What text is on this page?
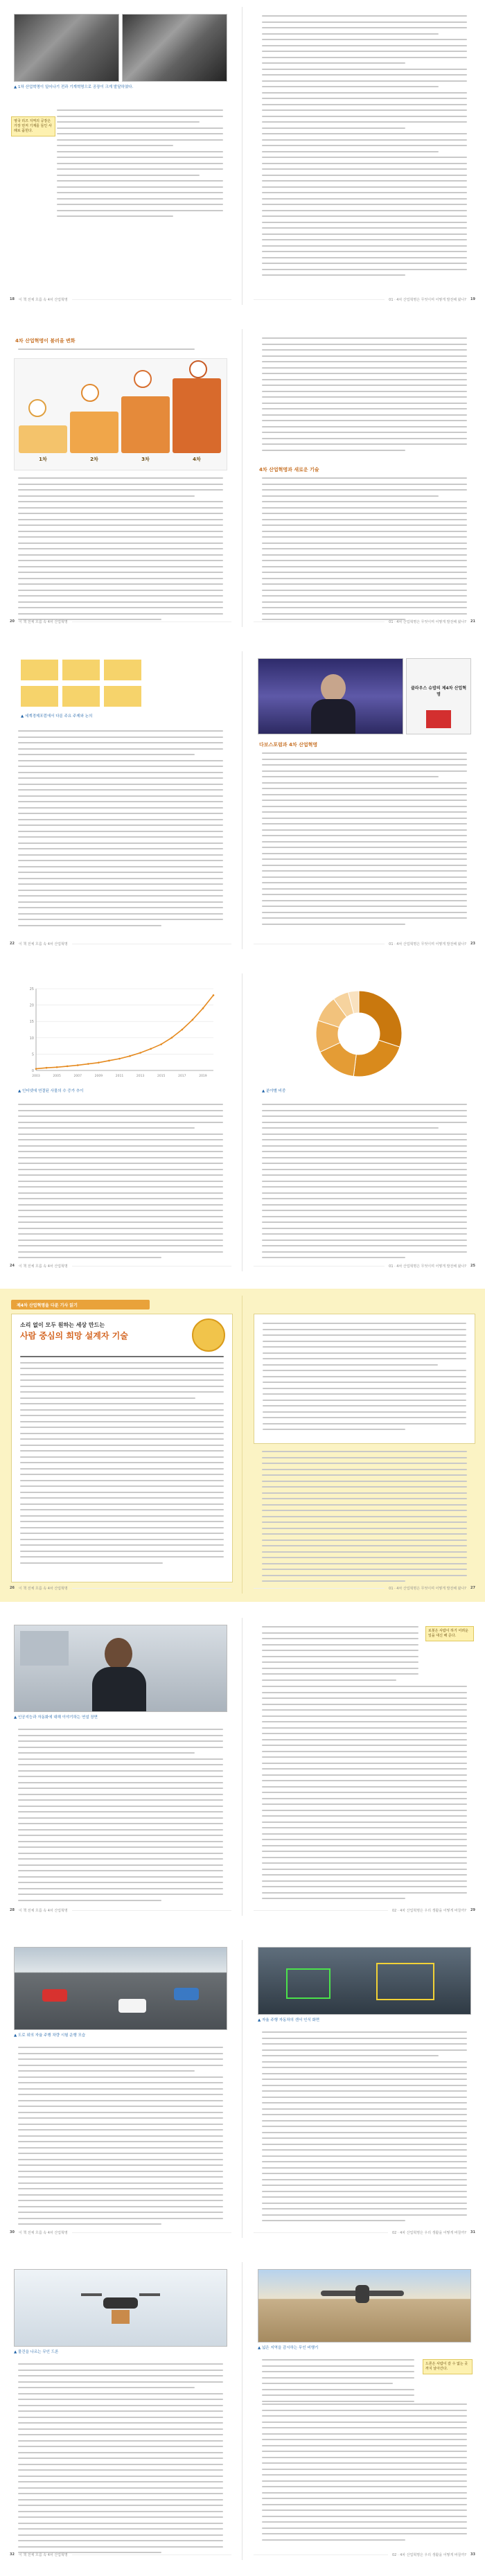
▲ 1차 산업혁명이 일어나기 전과 기계혁명으로 공장이 크게 발달하였다.
영국 리즈 지역의 공장은 가장 먼저 기계를 들인 사례로 꼽힌다.
18 이 책 전체 흐름 속 4차 산업혁명	01 · 4차 산업혁명은 무엇이며 어떻게 발전해 왔나? 19
4차 산업혁명이 불러올 변화
1차	2차	3차	4차
20 이 책 전체 흐름 속 4차 산업혁명
4차 산업혁명과 새로운 기술
01 · 4차 산업혁명은 무엇이며 어떻게 발전해 왔나? 21
▲ 세계경제포럼에서 다룬 주요 주제와 논의
22 이 책 전체 흐름 속 4차 산업혁명
클라우스 슈밥의 제4차 산업혁명
다보스포럼과 4차 산업혁명
01 · 4차 산업혁명은 무엇이며 어떻게 발전해 왔나? 23
0
5
10
15
20
25
2003	2005	2007	2009	2011	2013	2015	2017	2019
▲ 인터넷에 연결된 사물의 수 증가 추이
24 이 책 전체 흐름 속 4차 산업혁명
▲ 분야별 비중
01 · 4차 산업혁명은 무엇이며 어떻게 발전해 왔나? 25
제4차 산업혁명을 다룬 기사 읽기
소리 없이 모두 원하는 세상 만드는
사람 중심의 희망 설계자 기술
26 이 책 전체 흐름 속 4차 산업혁명	01 · 4차 산업혁명은 무엇이며 어떻게 발전해 왔나? 27
▲ 인공지능과 자동화에 대해 이야기하는 연설 장면
28 이 책 전체 흐름 속 4차 산업혁명
로봇은 사람이 하기 어려운 일을 대신 해 준다.
02 · 4차 산업혁명은 우리 생활을 어떻게 바꿀까? 29
▲ 도로 위의 자율 주행 차량 시험 운행 모습
30 이 책 전체 흐름 속 4차 산업혁명
▲ 자율 주행 자동차의 센서 인식 화면
02 · 4차 산업혁명은 우리 생활을 어떻게 바꿀까? 31
▲ 물건을 나르는 무인 드론
32 이 책 전체 흐름 속 4차 산업혁명
▲ 넓은 지역을 감시하는 무인 비행기
드론은 사람이 갈 수 없는 곳까지 날아간다.
02 · 4차 산업혁명은 우리 생활을 어떻게 바꿀까? 33
